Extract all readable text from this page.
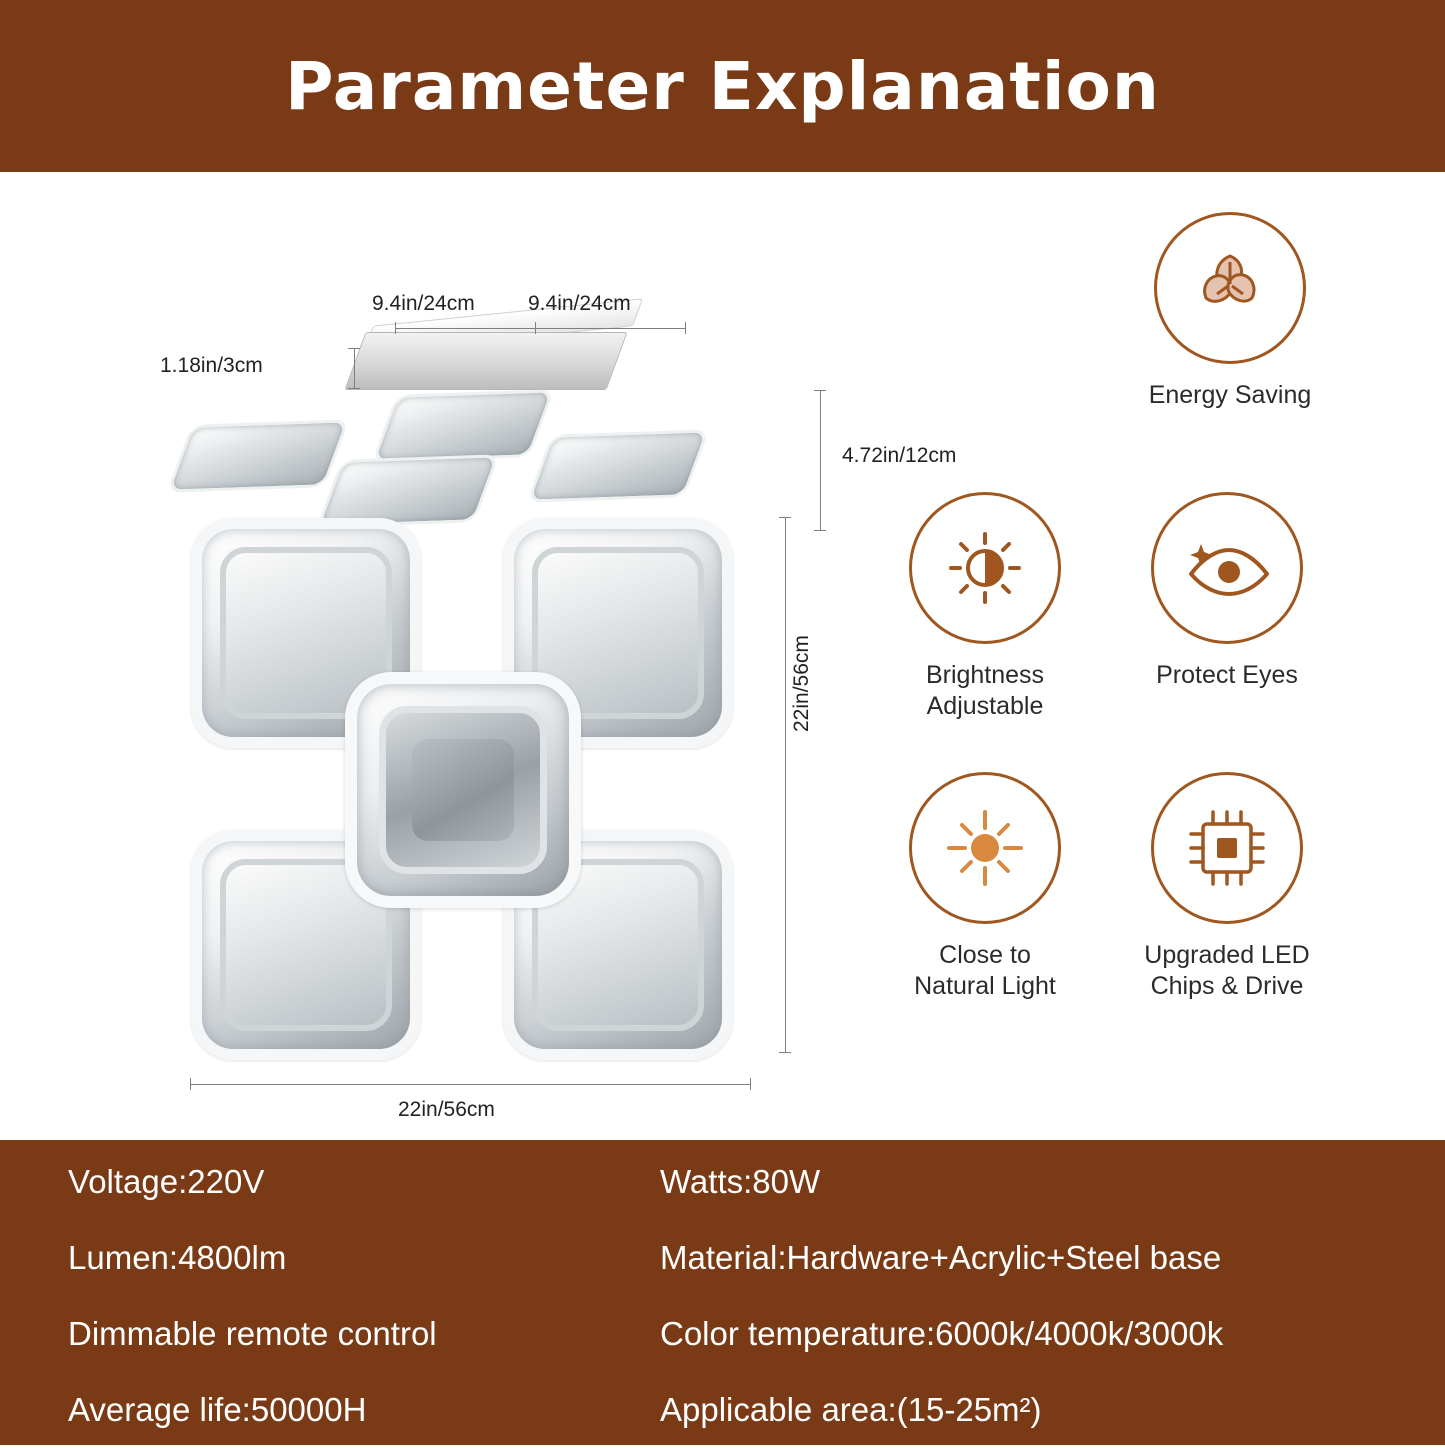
Parameter Explanation
9.4in/24cm	9.4in/24cm
1.18in/3cm
4.72in/12cm
22in/56cm
22in/56cm
Energy Saving
Brightness
Adjustable
Protect Eyes
Close to
Natural Light
Upgraded LED
Chips & Drive
Voltage:220V	Watts:80W
Lumen:4800lm	Material:Hardware+Acrylic+Steel base
Dimmable remote control	Color temperature:6000k/4000k/3000k
Average life:50000H	Applicable area:(15-25m²)
